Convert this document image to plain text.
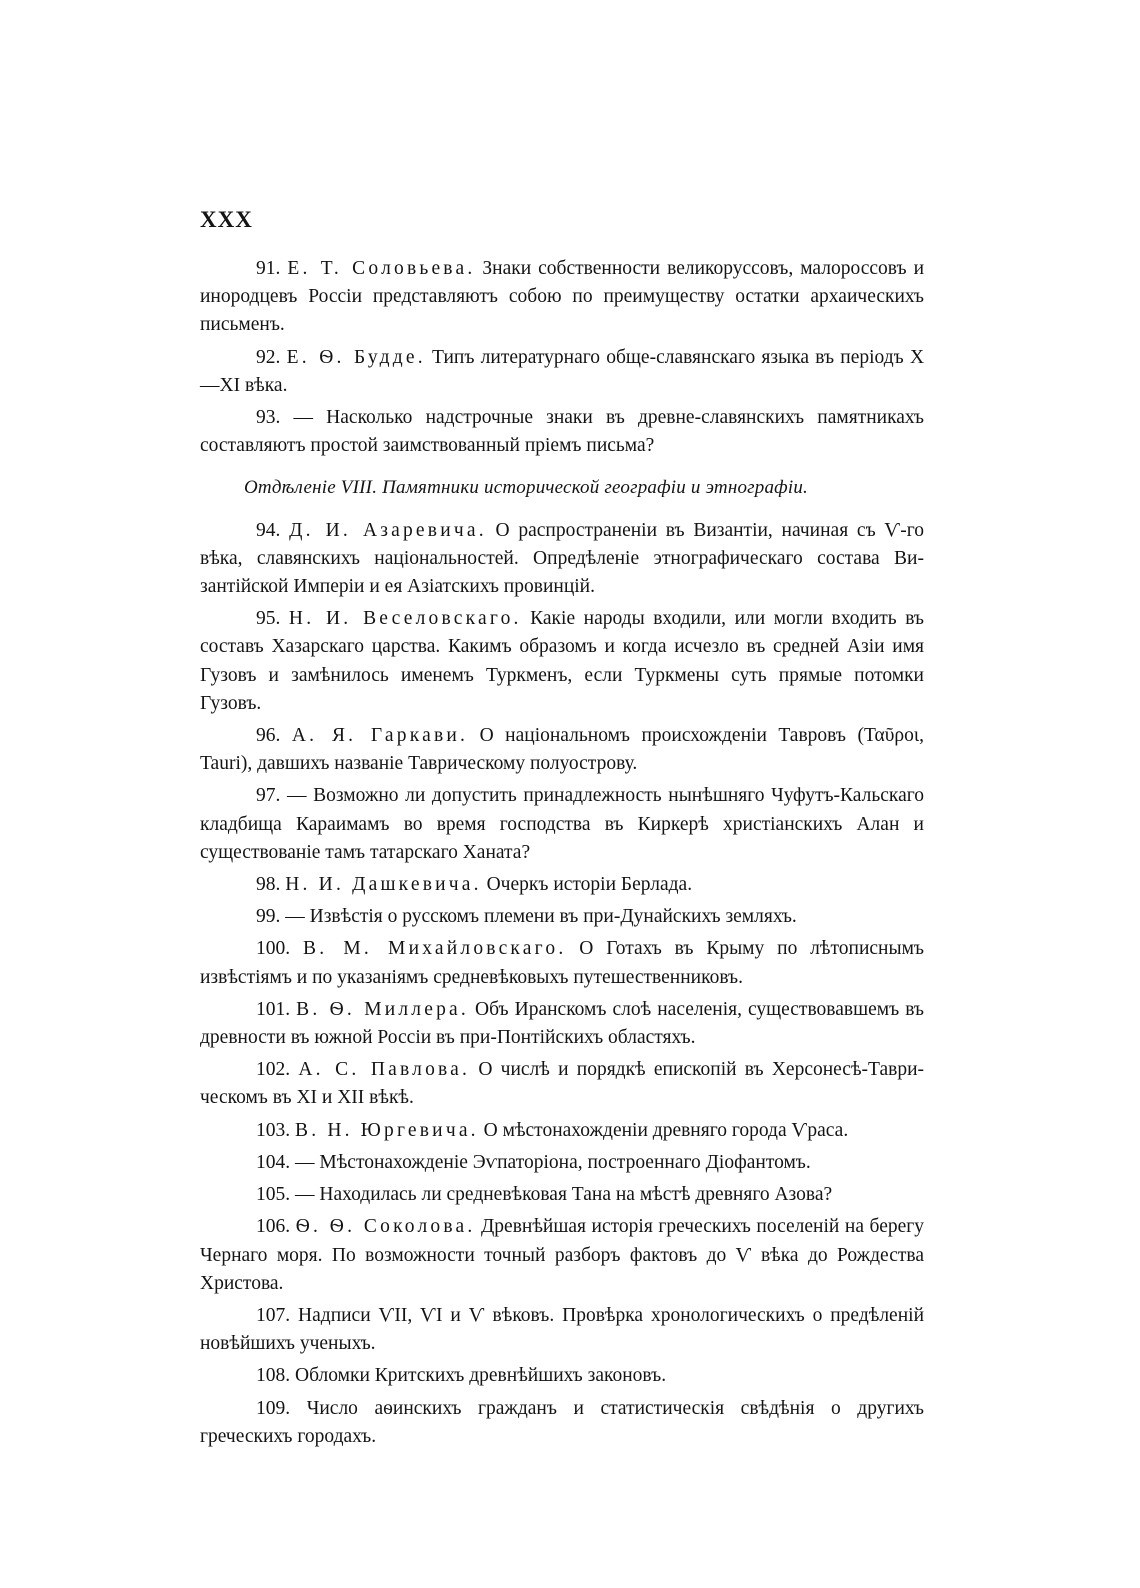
XXX

91. Е. Т. Соловьева. Знаки собственности великоруссовъ, малороссовъ и инородцевъ Россіи представляютъ собою по преимуществу остатки архаическихъ письменъ.

92. Е. Ѳ. Будде. Типъ литературнаго обще-славянскаго языка въ періодъ X—XI вѣка.

93. — Насколько надстрочные знаки въ древне-славянскихъ памятникахъ составляютъ простой заимствованный пріемъ письма?

Отдѣленіе VIII. Памятники исторической географіи и этнографіи.

94. Д. И. Азаревича. О распространеніи въ Византіи, начиная съ Ѵ-го вѣка, славянскихъ національностей. Опредѣленіе этнографическаго состава Византійской Имперіи и ея Азіатскихъ провинцій.

95. Н. И. Веселовскаго. Какіе народы входили, или могли входить въ составъ Хазарскаго царства. Какимъ образомъ и когда исчезло въ средней Азіи имя Гузовъ и замѣнилось именемъ Туркменъ, если Туркмены суть прямые потомки Гузовъ.

96. А. Я. Гаркави. О національномъ происхожденіи Тавровъ (Ταῦροι, Tauri), давшихъ названіе Таврическому полуострову.

97. — Возможно ли допустить принадлежность нынѣшняго Чуфутъ-Кальскаго кладбища Караимамъ во время господства въ Киркерѣ христіанскихъ Алан и существованіе тамъ татарскаго Ханата?

98. Н. И. Дашкевича. Очеркъ исторіи Берлада.

99. — Извѣстія о русскомъ племени въ при-Дунайскихъ земляхъ.

100. В. М. Михайловскаго. О Готахъ въ Крыму по лѣтописнымъ извѣстіямъ и по указаніямъ средневѣковыхъ путешественниковъ.

101. В. Ѳ. Миллера. Объ Иранскомъ слоѣ населенія, существовавшемъ въ древности въ южной Россіи въ при-Понтійскихъ областяхъ.

102. А. С. Павлова. О числѣ и порядкѣ епископій въ Херсонесѣ-Таврическомъ въ XI и XII вѣкѣ.

103. В. Н. Юргевича. О мѣстонахожденіи древняго города Ѵраса.

104. — Мѣстонахожденіе Эѵпаторіона, построеннаго Діофантомъ.

105. — Находилась ли средневѣковая Тана на мѣстѣ древняго Азова?

106. Ѳ. Ѳ. Соколова. Древнѣйшая исторія греческихъ поселеній на берегу Чернаго моря. По возможности точный разборъ фактовъ до Ѵ вѣка до Рождества Христова.

107. Надписи ѴІІ, ѴІ и Ѵ вѣковъ. Провѣрка хронологическихъ о предѣленій новѣйшихъ ученыхъ.

108. Обломки Критскихъ древнѣйшихъ законовъ.

109. Число аѳинскихъ гражданъ и статистическія свѣдѣнія о другихъ греческихъ городахъ.
